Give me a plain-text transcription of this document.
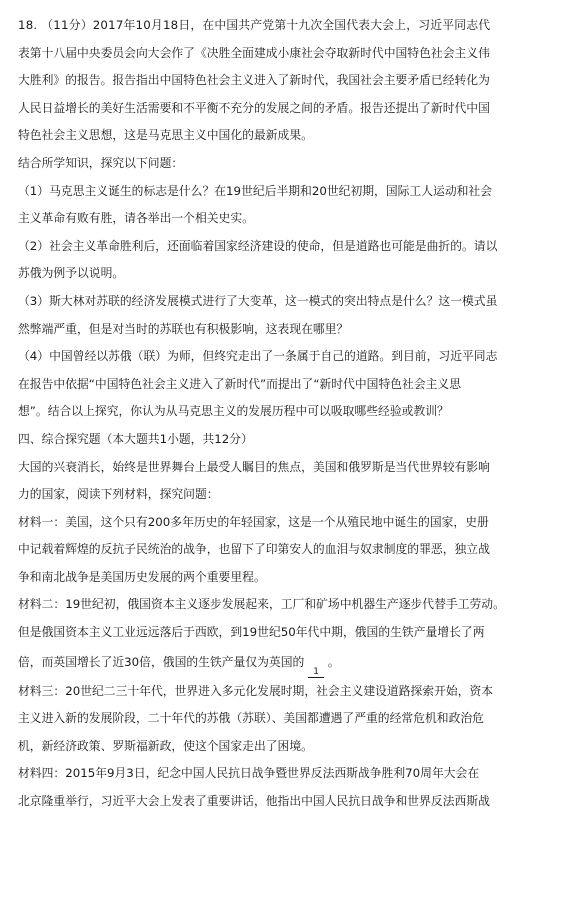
18. （11分）2017年10月18日，在中国共产党第十九次全国代表大会上，习近平同志代
表第十八届中央委员会向大会作了《决胜全面建成小康社会夺取新时代中国特色社会主义伟
大胜利》的报告。报告指出中国特色社会主义进入了新时代，我国社会主要矛盾已经转化为
人民日益增长的美好生活需要和不平衡不充分的发展之间的矛盾。报告还提出了新时代中国
特色社会主义思想，这是马克思主义中国化的最新成果。
结合所学知识，探究以下问题：
（1）马克思主义诞生的标志是什么？在19世纪后半期和20世纪初期，国际工人运动和社会
主义革命有败有胜，请各举出一个相关史实。
（2）社会主义革命胜利后，还面临着国家经济建设的使命，但是道路也可能是曲折的。请以
苏俄为例予以说明。
（3）斯大林对苏联的经济发展模式进行了大变革，这一模式的突出特点是什么？这一模式虽
然弊端严重，但是对当时的苏联也有积极影响，这表现在哪里？
（4）中国曾经以苏俄（联）为师，但终究走出了一条属于自己的道路。到目前，习近平同志
在报告中依据“中国特色社会主义进入了新时代”而提出了“新时代中国特色社会主义思
想”。结合以上探究，你认为从马克思主义的发展历程中可以吸取哪些经验或教训？
四、综合探究题（本大题共1小题，共12分）
大国的兴衰消长，始终是世界舞台上最受人瞩目的焦点，美国和俄罗斯是当代世界较有影响
力的国家，阅读下列材料，探究问题：
材料一：美国，这个只有200多年历史的年轻国家，这是一个从殖民地中诞生的国家，史册
中记载着辉煌的反抗子民统治的战争，也留下了印第安人的血泪与奴隶制度的罪恶，独立战
争和南北战争是美国历史发展的两个重要里程。
材料二：19世纪初，俄国资本主义逐步发展起来，工厂和矿场中机器生产逐步代替手工劳动。
但是俄国资本主义工业远远落后于西欧，到19世纪50年代中期，俄国的生铁产量增长了两
倍，而英国增长了近30倍，俄国的生铁产量仅为英国的
1
。
材料三：20世纪二三十年代，世界进入多元化发展时期，社会主义建设道路探索开始，资本
主义进入新的发展阶段，二十年代的苏俄（苏联）、美国都遭遇了严重的经常危机和政治危
机，新经济政策、罗斯福新政，使这个国家走出了困境。
材料四：2015年9月3日，纪念中国人民抗日战争暨世界反法西斯战争胜利70周年大会在
北京隆重举行，习近平大会上发表了重要讲话，他指出中国人民抗日战争和世界反法西斯战
